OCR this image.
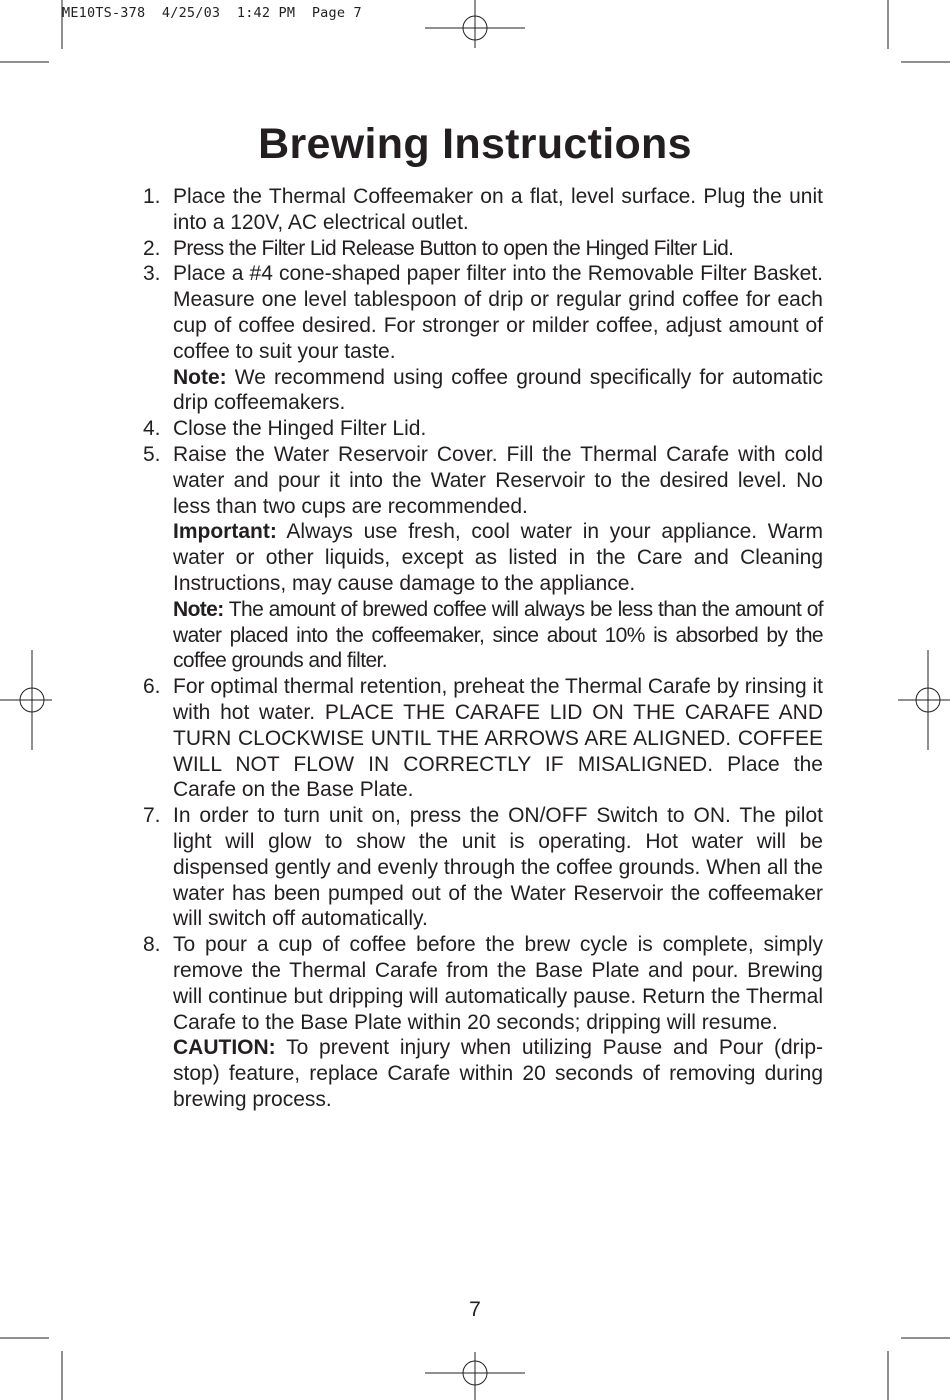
ME10TS-378  4/25/03  1:42 PM  Page 7
Brewing Instructions
1. Place the Thermal Coffeemaker on a flat, level surface. Plug the unit into a 120V, AC electrical outlet.
2. Press the Filter Lid Release Button to open the Hinged Filter Lid.
3. Place a #4 cone-shaped paper filter into the Removable Filter Basket. Measure one level tablespoon of drip or regular grind coffee for each cup of coffee desired. For stronger or milder coffee, adjust amount of coffee to suit your taste.
Note: We recommend using coffee ground specifically for automatic drip coffeemakers.
4. Close the Hinged Filter Lid.
5. Raise the Water Reservoir Cover. Fill the Thermal Carafe with cold water and pour it into the Water Reservoir to the desired level. No less than two cups are recommended.
Important: Always use fresh, cool water in your appliance. Warm water or other liquids, except as listed in the Care and Cleaning Instructions, may cause damage to the appliance.
Note: The amount of brewed coffee will always be less than the amount of water placed into the coffeemaker, since about 10% is absorbed by the coffee grounds and filter.
6. For optimal thermal retention, preheat the Thermal Carafe by rinsing it with hot water. PLACE THE CARAFE LID ON THE CARAFE AND TURN CLOCKWISE UNTIL THE ARROWS ARE ALIGNED. COFFEE WILL NOT FLOW IN CORRECTLY IF MISALIGNED. Place the Carafe on the Base Plate.
7. In order to turn unit on, press the ON/OFF Switch to ON. The pilot light will glow to show the unit is operating. Hot water will be dispensed gently and evenly through the coffee grounds. When all the water has been pumped out of the Water Reservoir the coffeemaker will switch off automatically.
8. To pour a cup of coffee before the brew cycle is complete, simply remove the Thermal Carafe from the Base Plate and pour. Brewing will continue but dripping will automatically pause. Return the Thermal Carafe to the Base Plate within 20 seconds; dripping will resume.
CAUTION: To prevent injury when utilizing Pause and Pour (drip-stop) feature, replace Carafe within 20 seconds of removing during brewing process.
7
